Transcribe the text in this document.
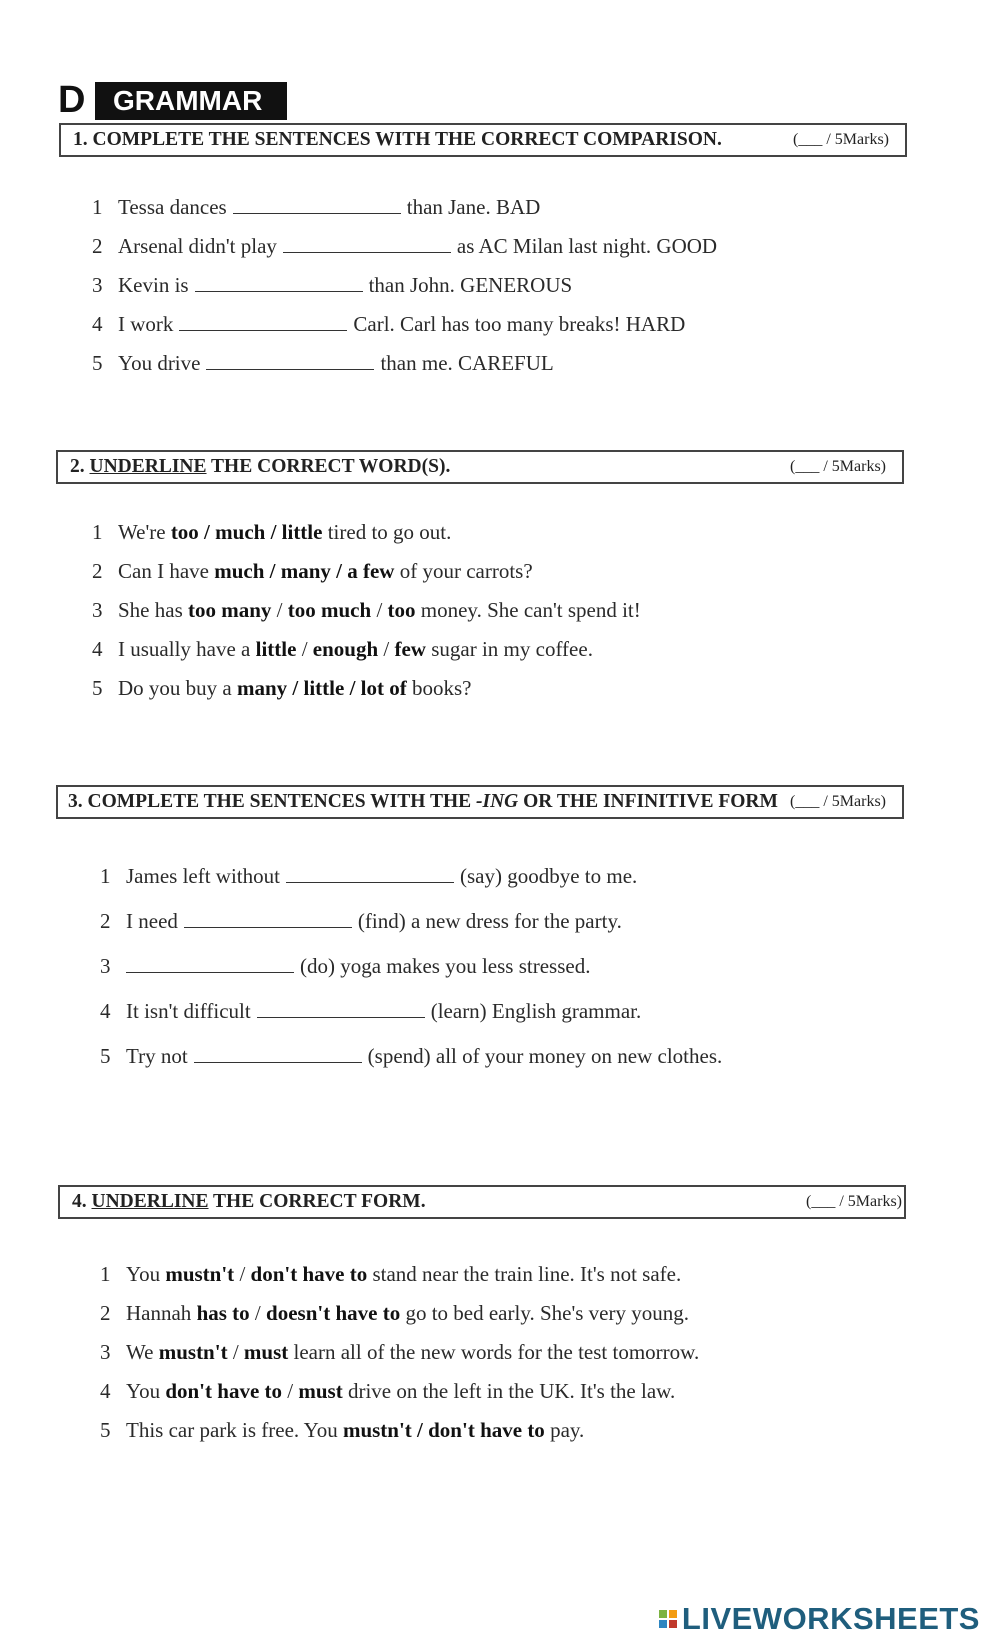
D GRAMMAR
1. COMPLETE THE SENTENCES WITH THE CORRECT COMPARISON.	(___ / 5Marks)
1 Tessa dances	than Jane. BAD
2 Arsenal didn't play	as AC Milan last night. GOOD
3 Kevin is	than John. GENEROUS
4 I work	Carl. Carl has too many breaks! HARD
5 You drive	than me. CAREFUL
2. UNDERLINE THE CORRECT WORD(S).	(___ / 5Marks)
1 We're too / much / little tired to go out.
2 Can I have much / many / a few of your carrots?
3 She has too many / too much / too money. She can't spend it!
4 I usually have a little / enough / few sugar in my coffee.
5 Do you buy a many / little / lot of books?
3. COMPLETE THE SENTENCES WITH THE -ING OR THE INFINITIVE FORM (___ / 5Marks)
1 James left without	(say) goodbye to me.
2 I need	(find) a new dress for the party.
3	(do) yoga makes you less stressed.
4 It isn't difficult	(learn) English grammar.
5 Try not	(spend) all of your money on new clothes.
4. UNDERLINE THE CORRECT FORM.	(___ / 5Marks)
1 You mustn't / don't have to stand near the train line. It's not safe.
2 Hannah has to / doesn't have to go to bed early. She's very young.
3 We mustn't / must learn all of the new words for the test tomorrow.
4 You don't have to / must drive on the left in the UK. It's the law.
5 This car park is free. You mustn't / don't have to pay.
LIVEWORKSHEETS
